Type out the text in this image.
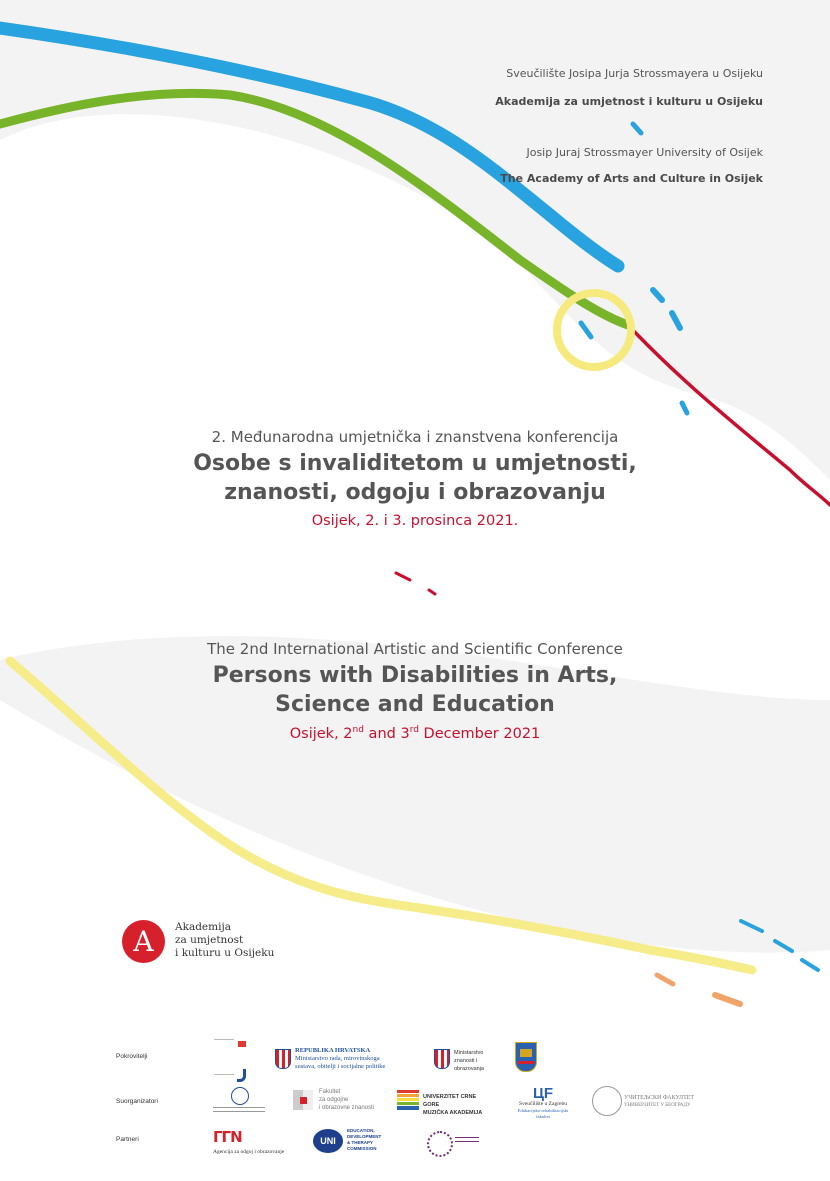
Sveučilište Josipa Jurja Strossmayera u Osijeku
Akademija za umjetnost i kulturu u Osijeku
Josip Juraj Strossmayer University of Osijek
The Academy of Arts and Culture in Osijek
2. Međunarodna umjetnička i znanstvena konferencija
Osobe s invaliditetom u umjetnosti,
znanosti, odgoju i obrazovanju
Osijek, 2. i 3. prosinca 2021.
The 2nd International Artistic and Scientific Conference
Persons with Disabilities in Arts,
Science and Education
Osijek, 2nd and 3rd December 2021
A	Akademija
za umjetnost
i kulturu u Osijeku
Pokrovitelji
Suorganizatori
Partneri
REPUBLIKA HRVATSKA
Ministarstvo rada, mirovinskoga
sustava, obitelji i socijalne politike
Ministarstvo
znanosti i
obrazovanja
Fakultet
za odgojne
i obrazovne znanosti
UNIVERZITET CRNE GORE
MUZIČKA AKADEMIJA
ЦF
Sveučilište u Zagrebu
Edukacijsko-rehabilitacijski fakultet
УЧИТЕЉСКИ ФАКУЛТЕТ
УНИВЕРЗИТЕТ У БЕОГРАДУ
ΓΓΝ
Agencija za odgoj i obrazovanje
UNI MA
EDUCATION,
DEVELOPMENT
& THERAPY COMMISSION
